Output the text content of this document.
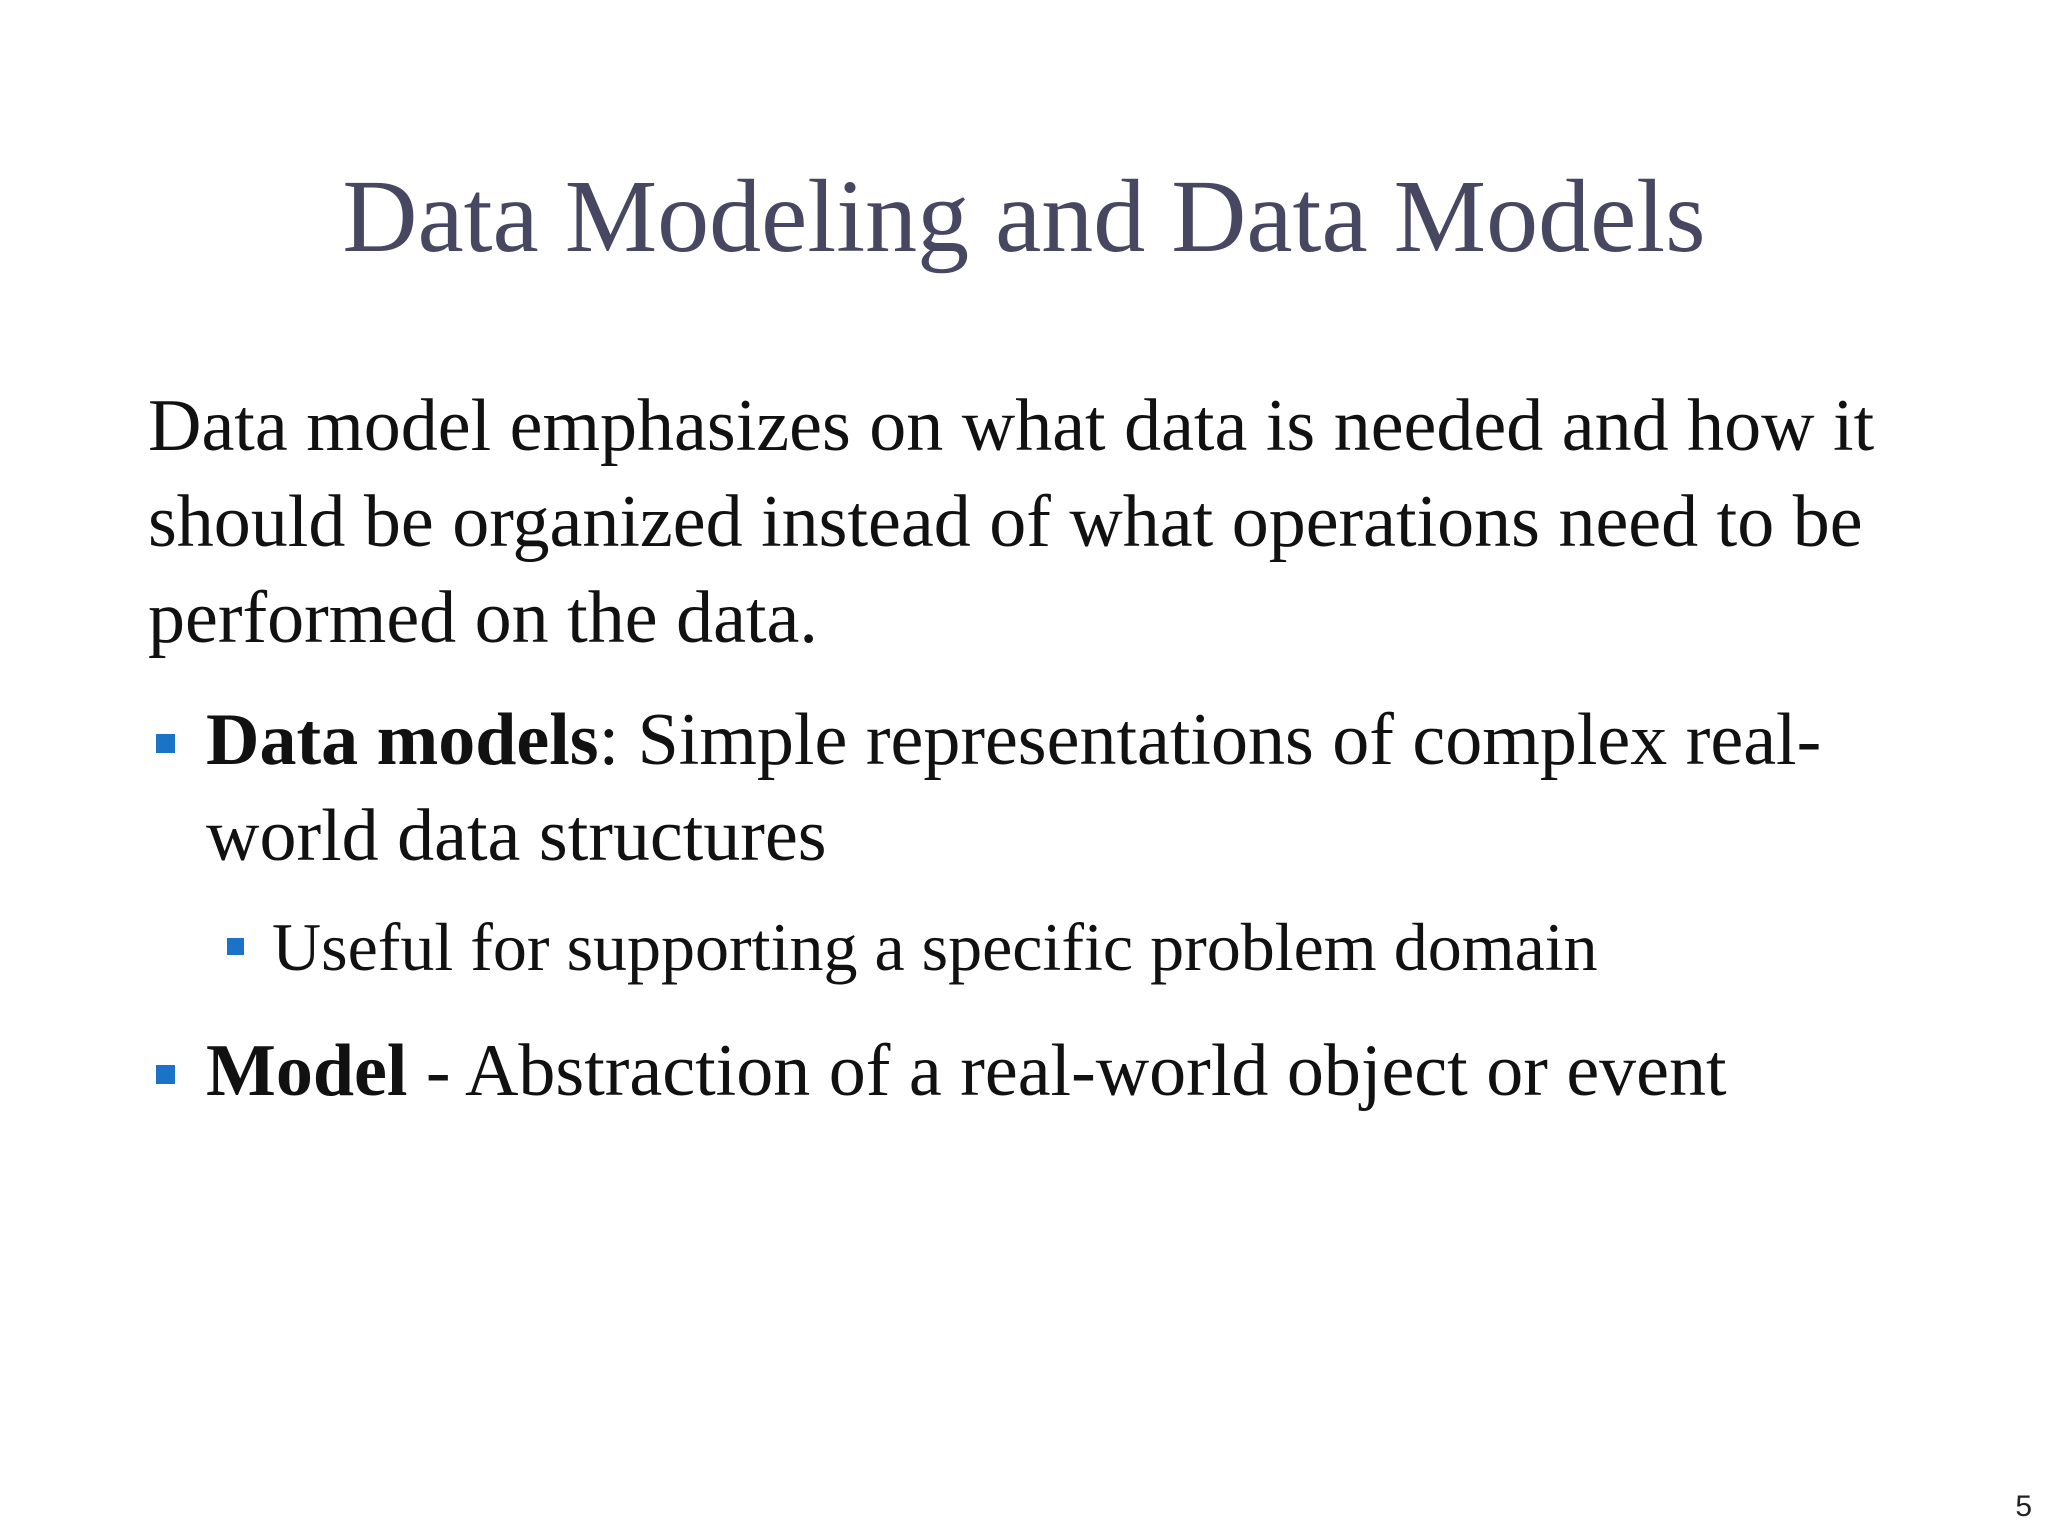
Data Modeling and Data Models

Data model emphasizes on what data is needed and how it should be organized instead of what operations need to be performed on the data.

Data models: Simple representations of complex real-world data structures
Useful for supporting a specific problem domain
Model - Abstraction of a real-world object or event
5
